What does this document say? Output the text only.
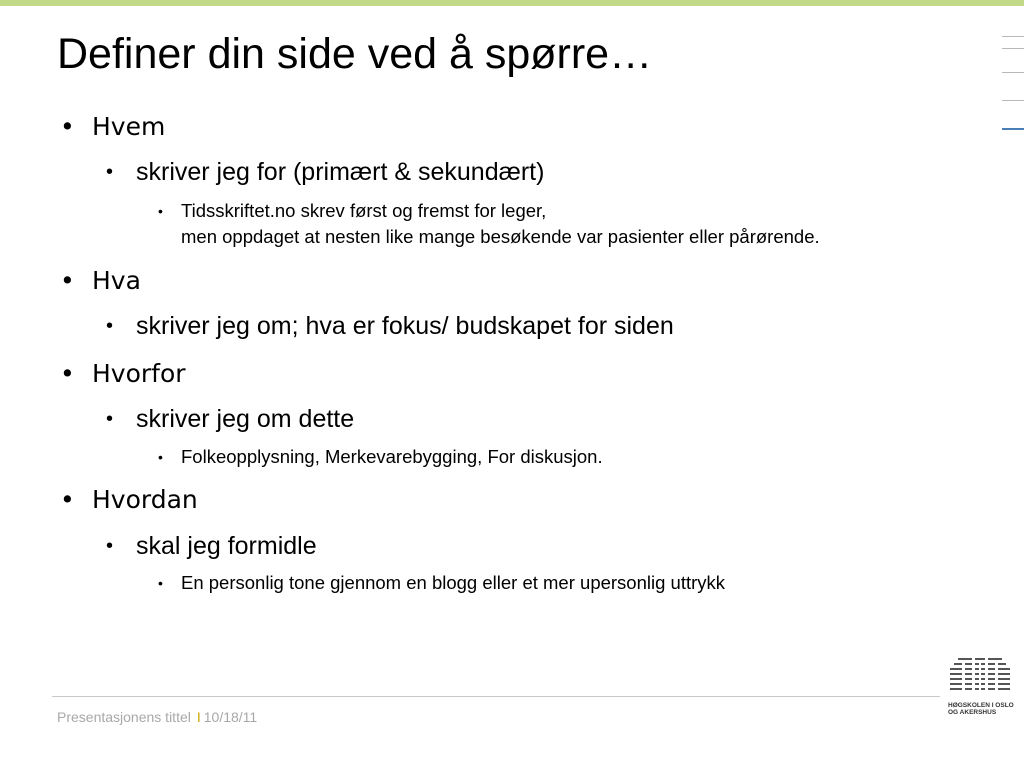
Definer din side ved å spørre…
• Hvem
• skriver jeg for (primært & sekundært)
• Tidsskriftet.no skrev først og fremst for leger,
men oppdaget at nesten like mange besøkende var pasienter eller pårørende.
• Hva
• skriver jeg om; hva er fokus/ budskapet for siden
• Hvorfor
• skriver jeg om dette
• Folkeopplysning, Merkevarebygging, For diskusjon.
• Hvordan
• skal jeg formidle
• En personlig tone gjennom en blogg eller et mer upersonlig uttrykk
Presentasjonens tittel I 10/18/11
HØGSKOLEN I OSLO
OG AKERSHUS
